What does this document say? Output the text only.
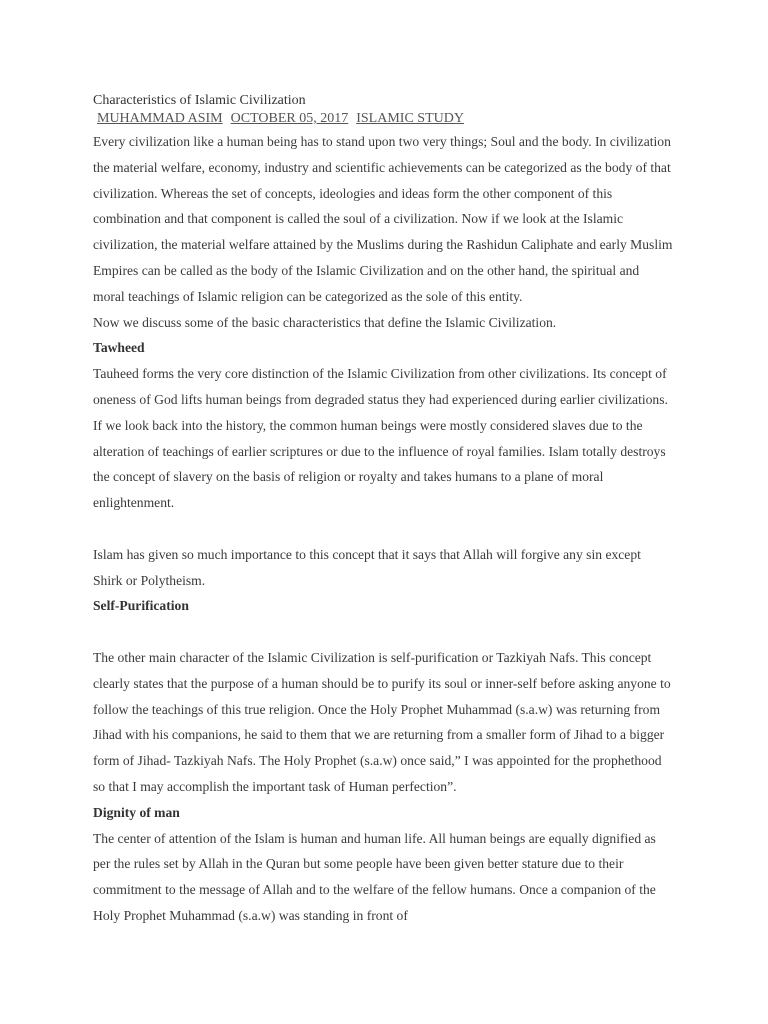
Characteristics of Islamic Civilization

MUHAMMAD ASIM OCTOBER 05, 2017 ISLAMIC STUDY

Every civilization like a human being has to stand upon two very things; Soul and the body. In civilization the material welfare, economy, industry and scientific achievements can be categorized as the body of that civilization. Whereas the set of concepts, ideologies and ideas form the other component of this combination and that component is called the soul of a civilization. Now if we look at the Islamic civilization, the material welfare attained by the Muslims during the Rashidun Caliphate and early Muslim Empires can be called as the body of the Islamic Civilization and on the other hand, the spiritual and moral teachings of Islamic religion can be categorized as the sole of this entity.

Now we discuss some of the basic characteristics that define the Islamic Civilization.

Tawheed

Tauheed forms the very core distinction of the Islamic Civilization from other civilizations. Its concept of oneness of God lifts human beings from degraded status they had experienced during earlier civilizations. If we look back into the history, the common human beings were mostly considered slaves due to the alteration of teachings of earlier scriptures or due to the influence of royal families. Islam totally destroys the concept of slavery on the basis of religion or royalty and takes humans to a plane of moral enlightenment.

Islam has given so much importance to this concept that it says that Allah will forgive any sin except Shirk or Polytheism.

Self-Purification

The other main character of the Islamic Civilization is self-purification or Tazkiyah Nafs. This concept clearly states that the purpose of a human should be to purify its soul or inner-self before asking anyone to follow the teachings of this true religion. Once the Holy Prophet Muhammad (s.a.w) was returning from Jihad with his companions, he said to them that we are returning from a smaller form of Jihad to a bigger form of Jihad- Tazkiyah Nafs. The Holy Prophet (s.a.w) once said,” I was appointed for the prophethood so that I may accomplish the important task of Human perfection”.

Dignity of man

The center of attention of the Islam is human and human life. All human beings are equally dignified as per the rules set by Allah in the Quran but some people have been given better stature due to their commitment to the message of Allah and to the welfare of the fellow humans. Once a companion of the Holy Prophet Muhammad (s.a.w) was standing in front of
